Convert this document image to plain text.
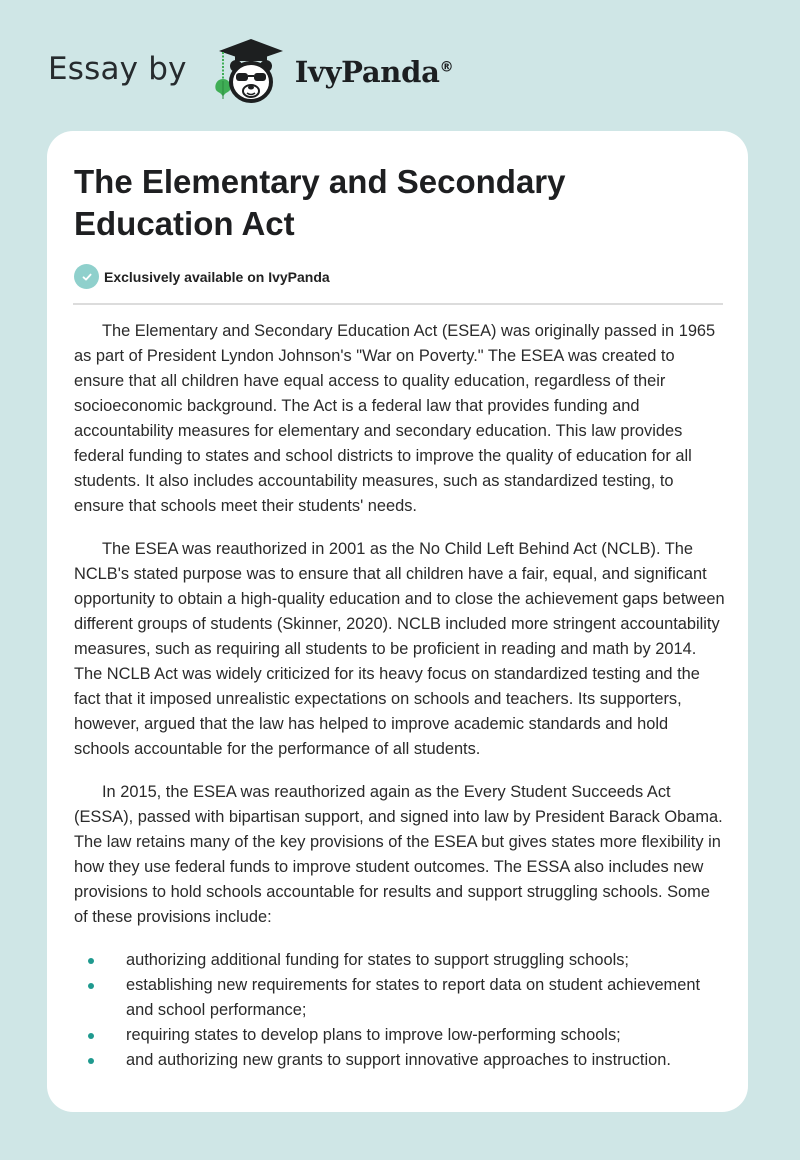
Essay by	IvyPanda®
The Elementary and Secondary Education Act
Exclusively available on IvyPanda

The Elementary and Secondary Education Act (ESEA) was originally passed in 1965 as part of President Lyndon Johnson's "War on Poverty." The ESEA was created to ensure that all children have equal access to quality education, regardless of their socioeconomic background. The Act is a federal law that provides funding and accountability measures for elementary and secondary education. This law provides federal funding to states and school districts to improve the quality of education for all students. It also includes accountability measures, such as standardized testing, to ensure that schools meet their students' needs.

The ESEA was reauthorized in 2001 as the No Child Left Behind Act (NCLB). The NCLB's stated purpose was to ensure that all children have a fair, equal, and significant opportunity to obtain a high-quality education and to close the achievement gaps between different groups of students (Skinner, 2020). NCLB included more stringent accountability measures, such as requiring all students to be proficient in reading and math by 2014. The NCLB Act was widely criticized for its heavy focus on standardized testing and the fact that it imposed unrealistic expectations on schools and teachers. Its supporters, however, argued that the law has helped to improve academic standards and hold schools accountable for the performance of all students.

In 2015, the ESEA was reauthorized again as the Every Student Succeeds Act (ESSA), passed with bipartisan support, and signed into law by President Barack Obama. The law retains many of the key provisions of the ESEA but gives states more flexibility in how they use federal funds to improve student outcomes. The ESSA also includes new provisions to hold schools accountable for results and support struggling schools. Some of these provisions include:

authorizing additional funding for states to support struggling schools;
establishing new requirements for states to report data on student achievement and school performance;
requiring states to develop plans to improve low-performing schools;
and authorizing new grants to support innovative approaches to instruction.
